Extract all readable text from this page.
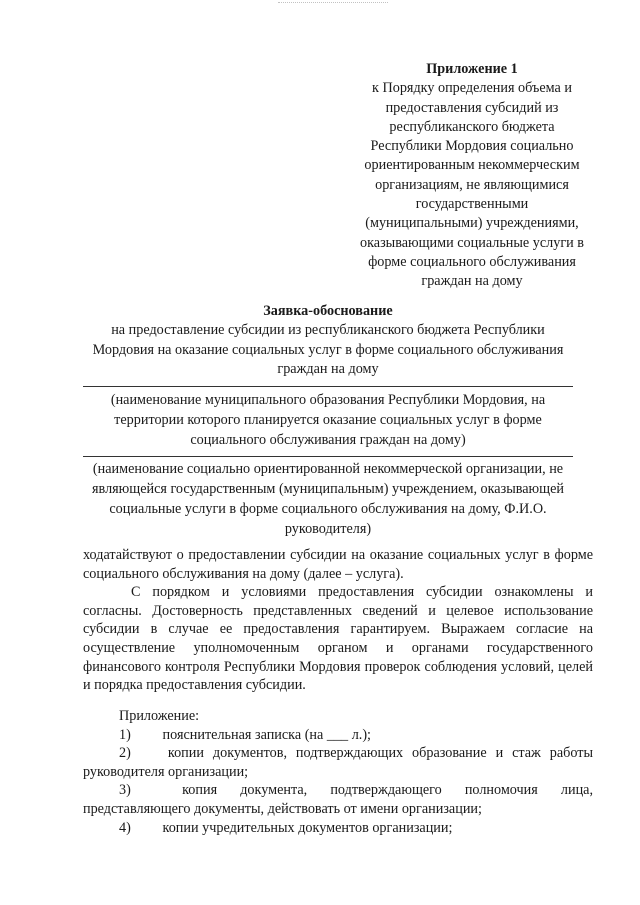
Приложение 1
к Порядку определения объема и
предоставления субсидий из
республиканского бюджета
Республики Мордовия социально
ориентированным некоммерческим
организациям, не являющимися
государственными
(муниципальными) учреждениями,
оказывающими социальные услуги в
форме социального обслуживания
граждан на дому
Заявка-обоснование
на предоставление субсидии из республиканского бюджета Республики
Мордовия на оказание социальных услуг в форме социального обслуживания
граждан на дому
(наименование муниципального образования Республики Мордовия, на
территории которого планируется оказание социальных услуг в форме
социального обслуживания граждан на дому)
(наименование социально ориентированной некоммерческой организации, не
являющейся государственным (муниципальным) учреждением, оказывающей
социальные услуги в форме социального обслуживания на дому, Ф.И.О.
руководителя)

ходатайствуют о предоставлении субсидии на оказание социальных услуг в форме социального обслуживания на дому (далее – услуга).

С порядком и условиями предоставления субсидии ознакомлены и согласны. Достоверность представленных сведений и целевое использование субсидии в случае ее предоставления гарантируем. Выражаем согласие на осуществление уполномоченным органом и органами государственного финансового контроля Республики Мордовия проверок соблюдения условий, целей и порядка предоставления субсидии.

Приложение:
1) пояснительная записка (на ___ л.);
2)	копии документов, подтверждающих образование и стаж работы руководителя организации;
3)	копия документа, подтверждающего полномочия лица, представляющего документы, действовать от имени организации;
4) копии учредительных документов организации;
